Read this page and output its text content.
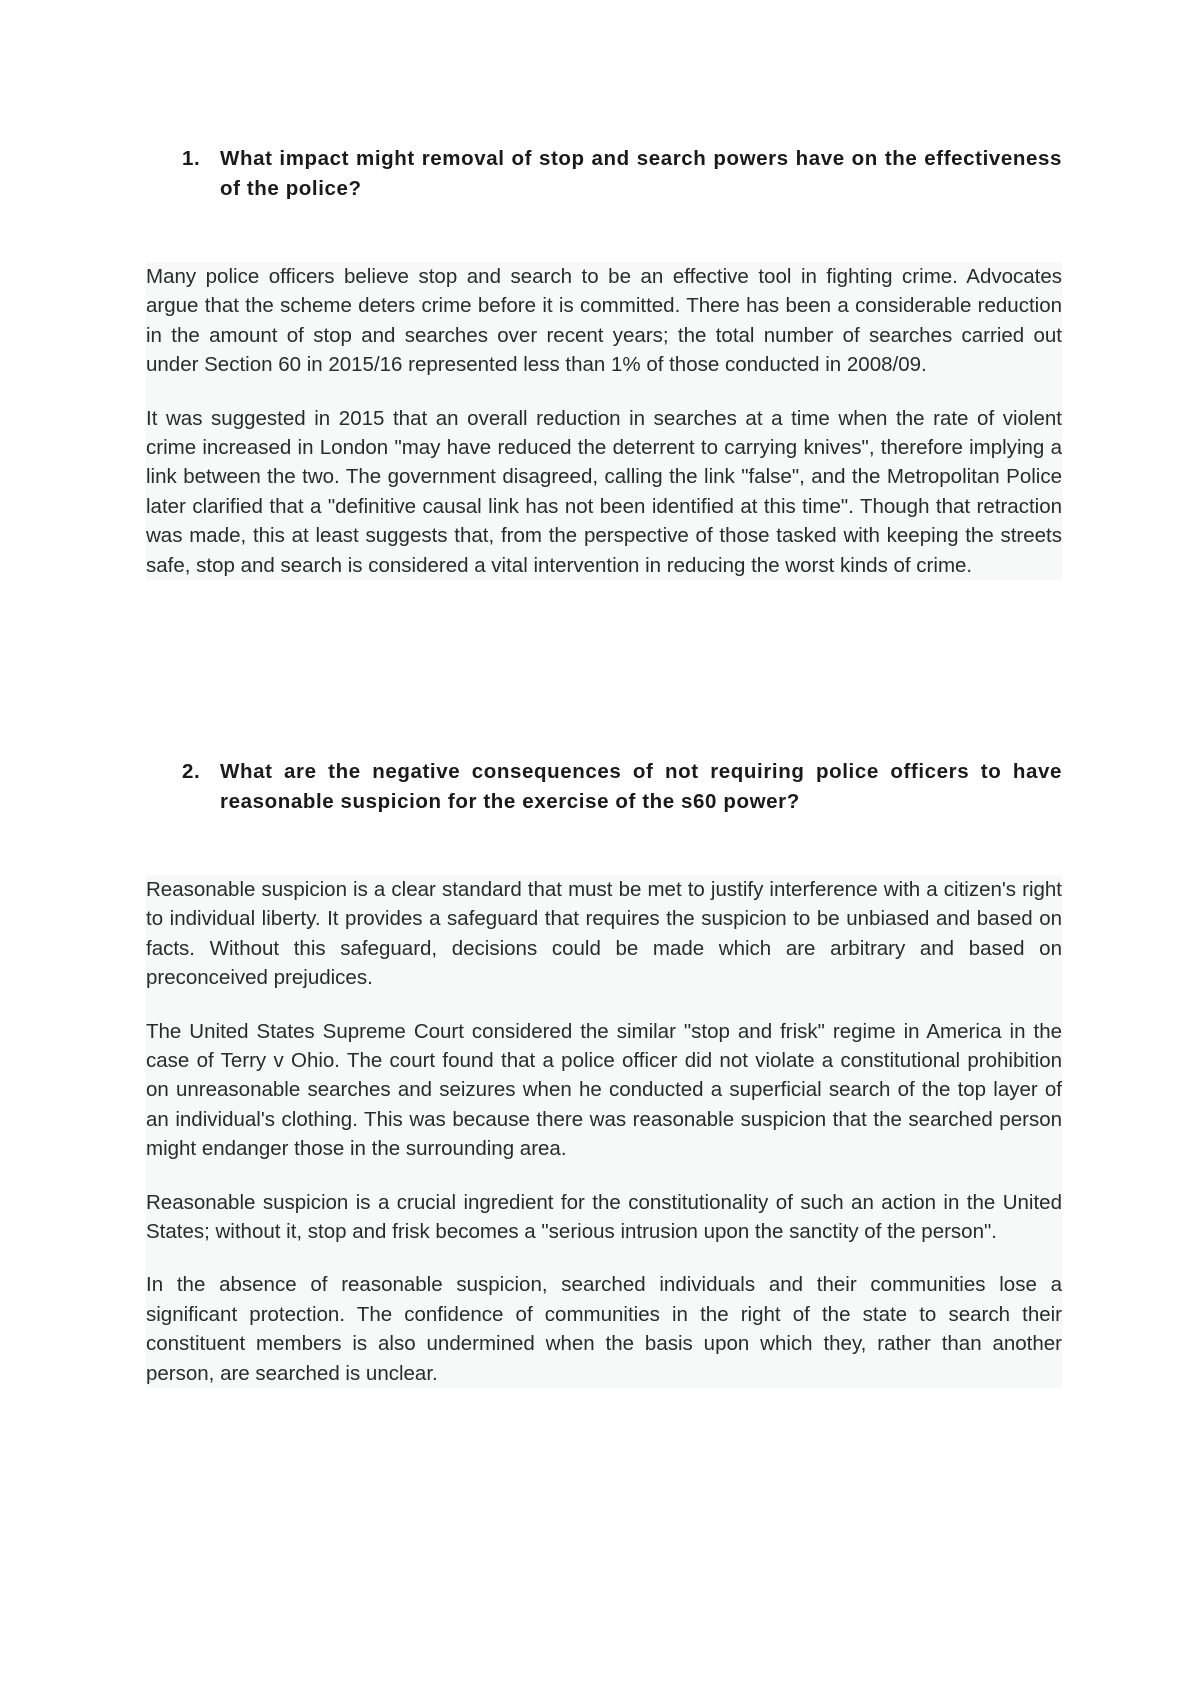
1. What impact might removal of stop and search powers have on the effectiveness of the police?

Many police officers believe stop and search to be an effective tool in fighting crime. Advocates argue that the scheme deters crime before it is committed. There has been a considerable reduction in the amount of stop and searches over recent years; the total number of searches carried out under Section 60 in 2015/16 represented less than 1% of those conducted in 2008/09.

It was suggested in 2015 that an overall reduction in searches at a time when the rate of violent crime increased in London "may have reduced the deterrent to carrying knives", therefore implying a link between the two. The government disagreed, calling the link "false", and the Metropolitan Police later clarified that a "definitive causal link has not been identified at this time". Though that retraction was made, this at least suggests that, from the perspective of those tasked with keeping the streets safe, stop and search is considered a vital intervention in reducing the worst kinds of crime.

2. What are the negative consequences of not requiring police officers to have reasonable suspicion for the exercise of the s60 power?

Reasonable suspicion is a clear standard that must be met to justify interference with a citizen's right to individual liberty. It provides a safeguard that requires the suspicion to be unbiased and based on facts. Without this safeguard, decisions could be made which are arbitrary and based on preconceived prejudices.

The United States Supreme Court considered the similar "stop and frisk" regime in America in the case of Terry v Ohio. The court found that a police officer did not violate a constitutional prohibition on unreasonable searches and seizures when he conducted a superficial search of the top layer of an individual's clothing. This was because there was reasonable suspicion that the searched person might endanger those in the surrounding area.

Reasonable suspicion is a crucial ingredient for the constitutionality of such an action in the United States; without it, stop and frisk becomes a "serious intrusion upon the sanctity of the person".

In the absence of reasonable suspicion, searched individuals and their communities lose a significant protection. The confidence of communities in the right of the state to search their constituent members is also undermined when the basis upon which they, rather than another person, are searched is unclear.
